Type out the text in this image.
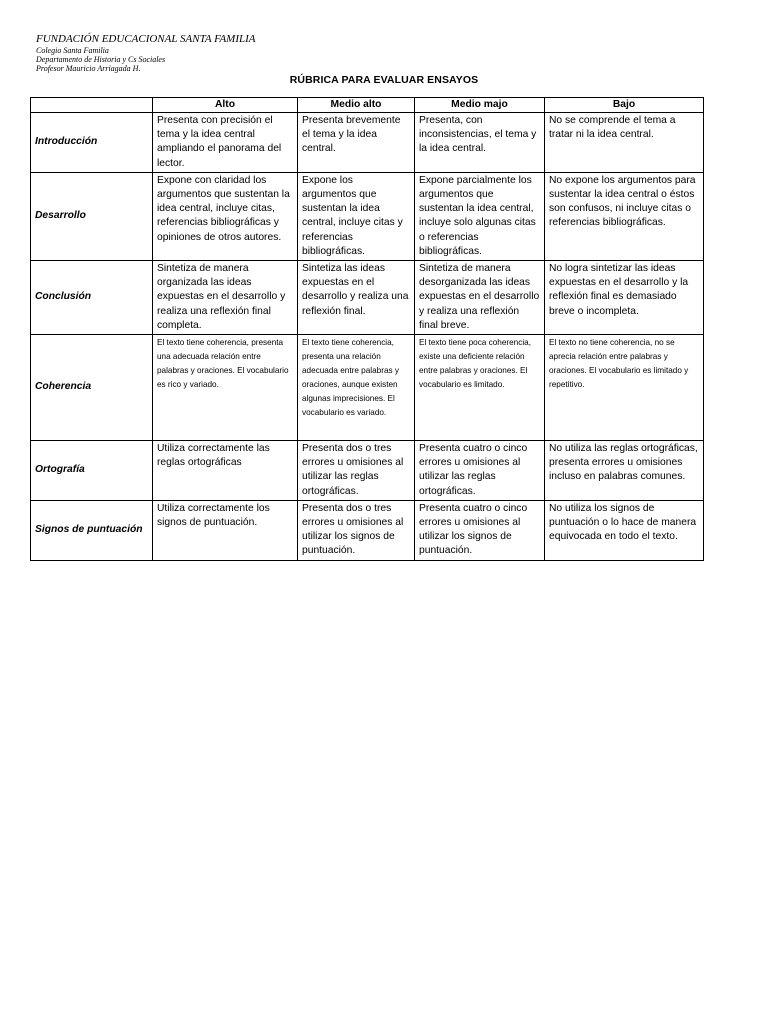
FUNDACIÓN EDUCACIONAL SANTA FAMILIA
Colegio Santa Familia
Departamento de Historia y Cs Sociales
Profesor Mauricio Arriagada H.
RÚBRICA PARA EVALUAR ENSAYOS
	Alto	Medio alto	Medio majo	Bajo
Introducción	Presenta con precisión el tema y la idea central ampliando el panorama del lector.	Presenta brevemente el tema y la idea central.	Presenta, con inconsistencias, el tema y la idea central.	No se comprende el tema a tratar ni la idea central.
Desarrollo	Expone con claridad los argumentos que sustentan la idea central, incluye citas, referencias bibliográficas y opiniones de otros autores.	Expone los argumentos que sustentan la idea central, incluye citas y referencias bibliográficas.	Expone parcialmente los argumentos que sustentan la idea central, incluye solo algunas citas o referencias bibliográficas.	No expone los argumentos para sustentar la idea central o éstos son confusos, ni incluye citas o referencias bibliográficas.
Conclusión	Sintetiza de manera organizada las ideas expuestas en el desarrollo y realiza una reflexión final completa.	Sintetiza las ideas expuestas en el desarrollo y realiza una reflexión final.	Sintetiza de manera desorganizada las ideas expuestas en el desarrollo y realiza una reflexión final breve.	No logra sintetizar las ideas expuestas en el desarrollo y la reflexión final es demasiado breve o incompleta.
Coherencia	El texto tiene coherencia, presenta una adecuada relación entre palabras y oraciones. El vocabulario es rico y variado.	El texto tiene coherencia, presenta una relación adecuada entre palabras y oraciones, aunque existen algunas imprecisiones. El vocabulario es variado.	El texto tiene poca coherencia, existe una deficiente relación entre palabras y oraciones. El vocabulario es limitado.	El texto no tiene coherencia, no se aprecia relación entre palabras y oraciones. El vocabulario es limitado y repetitivo.
Ortografía	Utiliza correctamente las reglas ortográficas	Presenta dos o tres errores u omisiones al utilizar las reglas ortográficas.	Presenta cuatro o cinco errores u omisiones al utilizar las reglas ortográficas.	No utiliza las reglas ortográficas, presenta errores u omisiones incluso en palabras comunes.
Signos de puntuación	Utiliza correctamente los signos de puntuación.	Presenta dos o tres errores u omisiones al utilizar los signos de puntuación.	Presenta cuatro o cinco errores u omisiones al utilizar los signos de puntuación.	No utiliza los signos de puntuación o lo hace de manera equivocada en todo el texto.
